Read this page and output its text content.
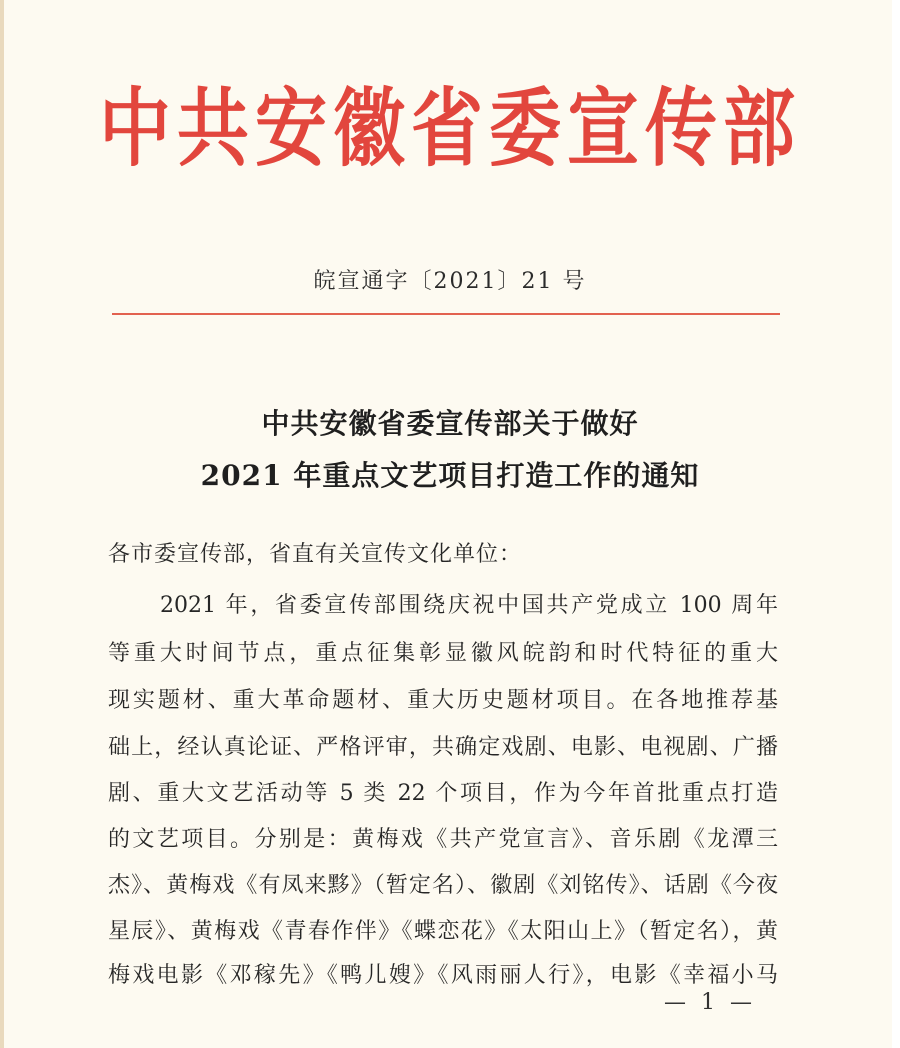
中共安徽省委宣传部
皖宣通字〔2021〕21 号
中共安徽省委宣传部关于做好
2021 年重点文艺项目打造工作的通知
各市委宣传部，省直有关宣传文化单位：
2021 年，省委宣传部围绕庆祝中国共产党成立 100 周年
等重大时间节点，重点征集彰显徽风皖韵和时代特征的重大
现实题材、重大革命题材、重大历史题材项目。在各地推荐基
础上，经认真论证、严格评审，共确定戏剧、电影、电视剧、广播
剧、重大文艺活动等 5 类 22 个项目，作为今年首批重点打造
的文艺项目。分别是：黄梅戏《共产党宣言》、音乐剧《龙潭三
杰》、黄梅戏《有凤来黟》（暂定名）、徽剧《刘铭传》、话剧《今夜
星辰》、黄梅戏《青春作伴》《蝶恋花》《太阳山上》（暂定名），黄
梅戏电影《邓稼先》《鸭儿嫂》《风雨丽人行》，电影《幸福小马
— 1 —
